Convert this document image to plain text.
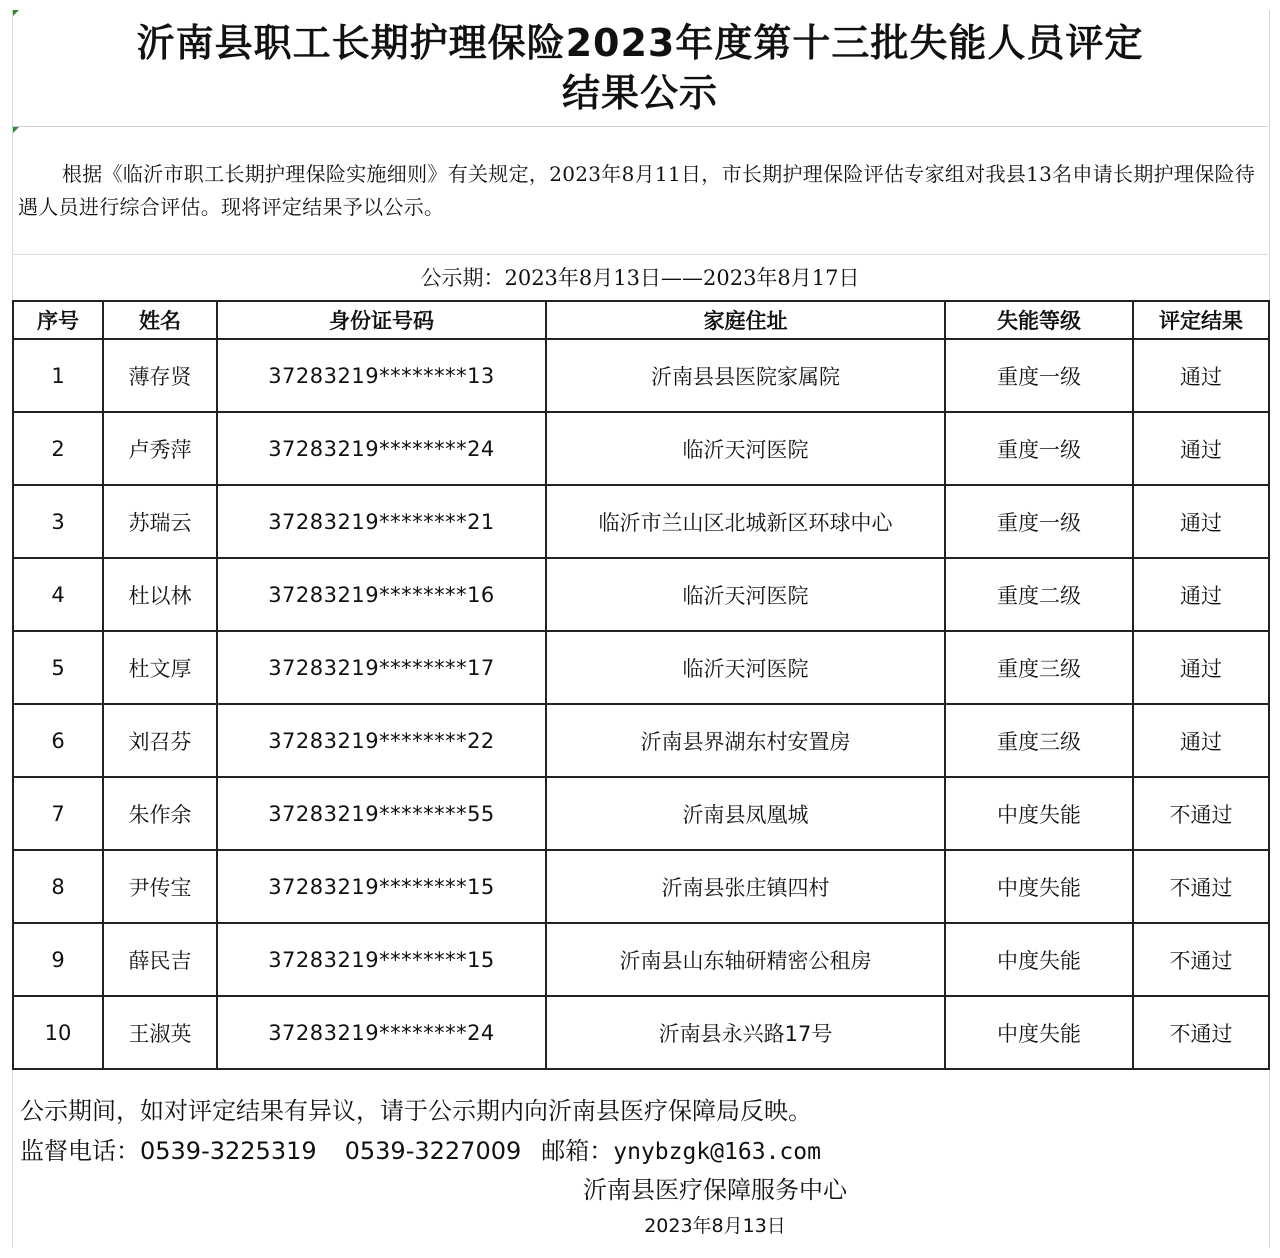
沂南县职工长期护理保险2023年度第十三批失能人员评定

结果公示

根据《临沂市职工长期护理保险实施细则》有关规定，2023年8月11日，市长期护理保险评估专家组对我县13名申请长期护理保险待遇人员进行综合评估。现将评定结果予以公示。
公示期：2023年8月13日——2023年8月17日
序号	姓名	身份证号码	家庭住址	失能等级	评定结果
1	薄存贤	37283219********13	沂南县县医院家属院	重度一级	通过
2	卢秀萍	37283219********24	临沂天河医院	重度一级	通过
3	苏瑞云	37283219********21	临沂市兰山区北城新区环球中心	重度一级	通过
4	杜以林	37283219********16	临沂天河医院	重度二级	通过
5	杜文厚	37283219********17	临沂天河医院	重度三级	通过
6	刘召芬	37283219********22	沂南县界湖东村安置房	重度三级	通过
7	朱作余	37283219********55	沂南县凤凰城	中度失能	不通过
8	尹传宝	37283219********15	沂南县张庄镇四村	中度失能	不通过
9	薛民吉	37283219********15	沂南县山东轴研精密公租房	中度失能	不通过
10	王淑英	37283219********24	沂南县永兴路17号	中度失能	不通过
公示期间，如对评定结果有异议，请于公示期内向沂南县医疗保障局反映。
监督电话：0539-3225319 0539-3227009 邮箱：ynybzgk@163.com
沂南县医疗保障服务中心
2023年8月13日
